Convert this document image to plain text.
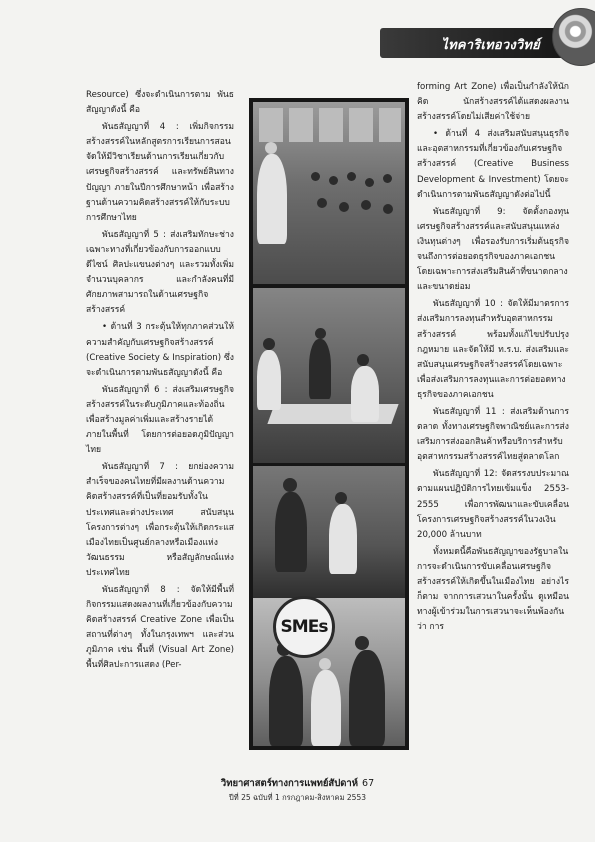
ไทคาริเทอวงวิทย์

Resource) ซึ่งจะดำเนินการตาม พันธสัญญาดังนี้ คือ

พันธสัญญาที่ 4 : เพิ่มกิจกรรมสร้างสรรค์ในหลักสูตรการเรียนการสอน จัดให้มีวิชาเรียนด้านการเรียนเกี่ยวกับเศรษฐกิจสร้างสรรค์ และทรัพย์สินทางปัญญา ภายในปีการศึกษาหน้า เพื่อสร้างฐานด้านความคิดสร้างสรรค์ให้กับระบบการศึกษาไทย

พันธสัญญาที่ 5 : ส่งเสริมทักษะช่างเฉพาะทางที่เกี่ยวข้องกับการออกแบบดีไซน์ ศิลปะแขนงต่างๆ และรวมทั้งเพิ่มจำนวนบุคลากร และกำลังคนที่มีศักยภาพสามารถในด้านเศรษฐกิจสร้างสรรค์

• ด้านที่ 3 กระตุ้นให้ทุกภาคส่วนให้ความสำคัญกับเศรษฐกิจสร้างสรรค์ (Creative Society & Inspiration) ซึ่งจะดำเนินการตามพันธสัญญาดังนี้ คือ

พันธสัญญาที่ 6 : ส่งเสริมเศรษฐกิจสร้างสรรค์ในระดับภูมิภาคและท้องถิ่น เพื่อสร้างมูลค่าเพิ่มและสร้างรายได้ภายในพื้นที่ โดยการต่อยอดภูมิปัญญาไทย

พันธสัญญาที่ 7 : ยกย่องความสำเร็จของคนไทยที่มีผลงานด้านความคิดสร้างสรรค์ที่เป็นที่ยอมรับทั้งในประเทศและต่างประเทศ สนับสนุนโครงการต่างๆ เพื่อกระตุ้นให้เกิดกระแสเมืองไทยเป็นศูนย์กลางหรือเมืองแห่งวัฒนธรรม หรือสัญลักษณ์แห่งประเทศไทย

พันธสัญญาที่ 8 : จัดให้มีพื้นที่กิจกรรมแสดงผลงานที่เกี่ยวข้องกับความคิดสร้างสรรค์ Creative Zone เพื่อเป็นสถานที่ต่างๆ ทั้งในกรุงเทพฯ และส่วนภูมิภาค เช่น พื้นที่ (Visual Art Zone) พื้นที่ศิลปะการแสดง (Per-

SMEs

forming Art Zone) เพื่อเป็นกำลังให้นักคิด นักสร้างสรรค์ได้แสดงผลงานสร้างสรรค์โดยไม่เสียค่าใช้จ่าย

• ด้านที่ 4 ส่งเสริมสนับสนุนธุรกิจและอุตสาหกรรมที่เกี่ยวข้องกับเศรษฐกิจสร้างสรรค์ (Creative Business Development & Investment) โดยจะดำเนินการตามพันธสัญญาดังต่อไปนี้

พันธสัญญาที่ 9: จัดตั้งกองทุนเศรษฐกิจสร้างสรรค์และสนับสนุนแหล่งเงินทุนต่างๆ เพื่อรองรับการเริ่มต้นธุรกิจจนถึงการต่อยอดธุรกิจของภาคเอกชน โดยเฉพาะการส่งเสริมสินค้าที่ขนาดกลางและขนาดย่อม

พันธสัญญาที่ 10 : จัดให้มีมาตรการส่งเสริมการลงทุนสำหรับอุตสาหกรรมสร้างสรรค์ พร้อมทั้งแก้ไขปรับปรุงกฎหมาย และจัดให้มี ท.ร.บ. ส่งเสริมและสนับสนุนเศรษฐกิจสร้างสรรค์โดยเฉพาะเพื่อส่งเสริมการลงทุนและการต่อยอดทางธุรกิจของภาคเอกชน

พันธสัญญาที่ 11 : ส่งเสริมด้านการตลาด ทั้งทางเศรษฐกิจพาณิชย์และการส่งเสริมการส่งออกสินค้าหรือบริการสำหรับอุตสาหกรรมสร้างสรรค์ไทยสู่ตลาดโลก

พันธสัญญาที่ 12: จัดสรรงบประมาณตามแผนปฏิบัติการไทยเข้มแข็ง 2553-2555 เพื่อการพัฒนาและขับเคลื่อนโครงการเศรษฐกิจสร้างสรรค์ในวงเงิน 20,000 ล้านบาท

ทั้งหมดนี้คือพันธสัญญาของรัฐบาลในการจะดำเนินการขับเคลื่อนเศรษฐกิจสร้างสรรค์ให้เกิดขึ้นในเมืองไทย อย่างไรก็ตาม จากการเสวนาในครั้งนั้น ดูเหมือนทางผู้เข้าร่วมในการเสวนาจะเห็นพ้องกันว่า การ

วิทยาศาสตร์ทางการแพทย์สัปดาห์ 67
ปีที่ 25 ฉบับที่ 1 กรกฎาคม-สิงหาคม 2553
